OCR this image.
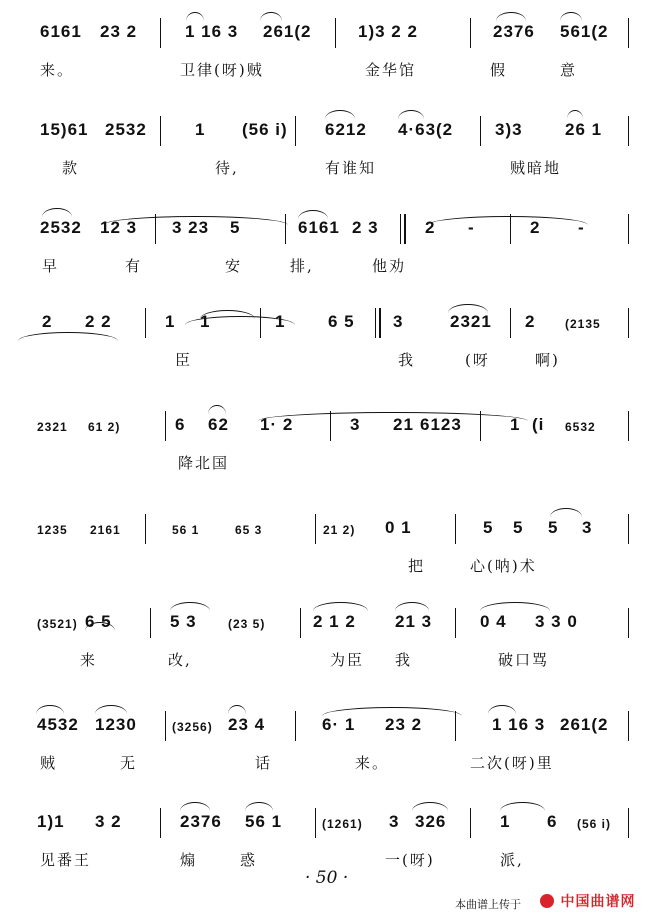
6161 23 2	1 16 3 261(2	1)3 2 2	2376 561(2
来。	卫律(呀)贼	金华馆	假	意
15)61 2532	1 (56 i) 6212 4·63(2 3)3 26 1
款	待,	有谁知	贼暗地
2532 12 3 3 23 5	6161 2 3	2 -	2 -
早	有	安	排,	他劝
2 2 2	1 1	1	6 5 3	2321 2 (2135
臣	我	(呀	啊)
2321 61 2)	6 62 1· 2	3 21 6123	1 (i 6532
降北国
1235 2161	56 1	65 3	21 2) 0 1	5 5 5 3
把	心(呐)术
(3521) 6 5	5 3	(23 5)	2 1 2 21 3	0 4 3 3 0
来	改,	为臣 我	破口骂
4532 1230	(3256) 23 4	6· 1 23 2	1 16 3 261(2
贼	无	话	来。	二次(呀)里
1)1 3 2	2376 56 1	(1261) 3 326	1 6 (56 i)
见番王	煽	惑	一(呀)	派,
· 50 ·
本曲谱上传于	中国曲谱网
